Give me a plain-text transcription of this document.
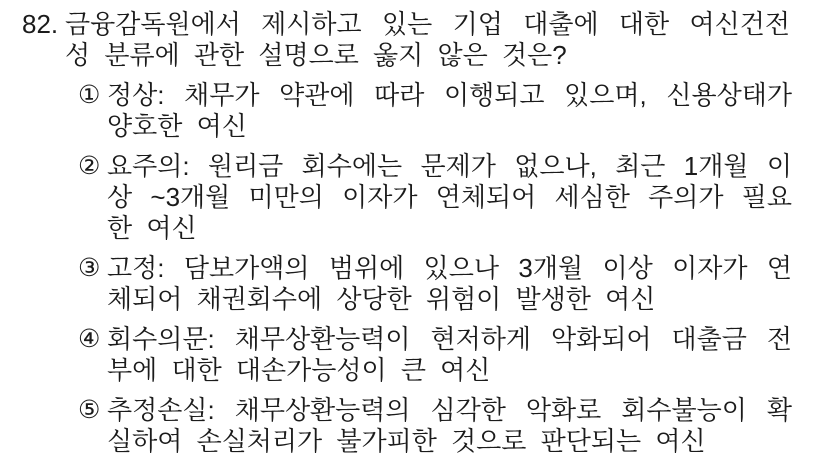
82. 금융감독원에서 제시하고 있는 기업 대출에 대한 여신건전
성 분류에 관한 설명으로 옳지 않은 것은?
① 정상: 채무가 약관에 따라 이행되고 있으며, 신용상태가
양호한 여신
② 요주의: 원리금 회수에는 문제가 없으나, 최근 1개월 이
상 ~3개월 미만의 이자가 연체되어 세심한 주의가 필요
한 여신
③ 고정: 담보가액의 범위에 있으나 3개월 이상 이자가 연
체되어 채권회수에 상당한 위험이 발생한 여신
④ 회수의문: 채무상환능력이 현저하게 악화되어 대출금 전
부에 대한 대손가능성이 큰 여신
⑤ 추정손실: 채무상환능력의 심각한 악화로 회수불능이 확
실하여 손실처리가 불가피한 것으로 판단되는 여신
